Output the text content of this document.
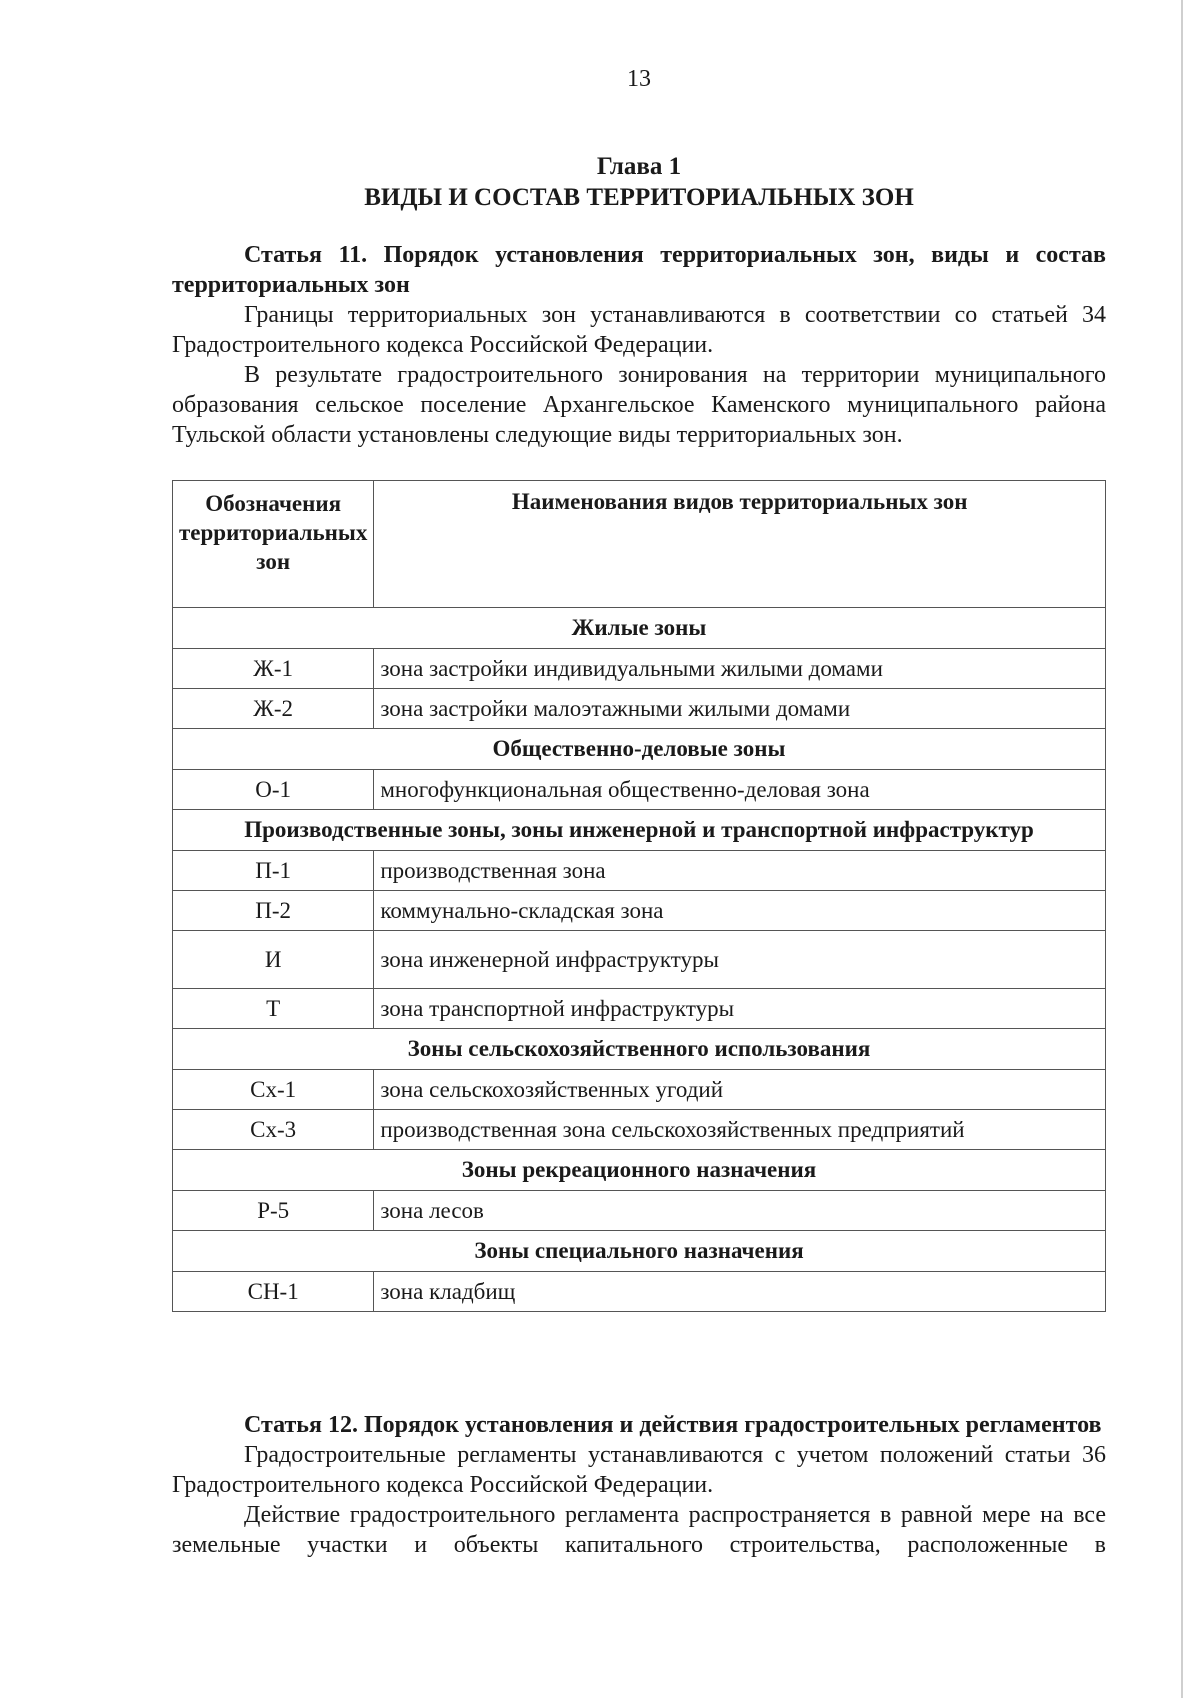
13
Глава 1
ВИДЫ И СОСТАВ ТЕРРИТОРИАЛЬНЫХ ЗОН

Статья 11. Порядок установления территориальных зон, виды и состав территориальных зон

Границы территориальных зон устанавливаются в соответствии со статьей 34 Градостроительного кодекса Российской Федерации.

В результате градостроительного зонирования на территории муниципального образования сельское поселение Архангельское Каменского муниципального района Тульской области установлены следующие виды территориальных зон.

Обозначения территориальных зон	Наименования видов территориальных зон
Жилые зоны	
Ж-1	зона застройки индивидуальными жилыми домами
Ж-2	зона застройки малоэтажными жилыми домами
Общественно-деловые зоны	
О-1	многофункциональная общественно-деловая зона
Производственные зоны, зоны инженерной и транспортной инфраструктур	
П-1	производственная зона
П-2	коммунально-складская зона
И	зона инженерной инфраструктуры
Т	зона транспортной инфраструктуры
Зоны сельскохозяйственного использования	
Сх-1	зона сельскохозяйственных угодий
Сх-3	производственная зона сельскохозяйственных предприятий
Зоны рекреационного назначения	
Р-5	зона лесов
Зоны специального назначения	
СН-1	зона кладбищ

Статья 12. Порядок установления и действия градостроительных регламентов

Градостроительные регламенты устанавливаются с учетом положений статьи 36 Градостроительного кодекса Российской Федерации.

Действие градостроительного регламента распространяется в равной мере на все земельные участки и объекты капитального строительства, расположенные в
